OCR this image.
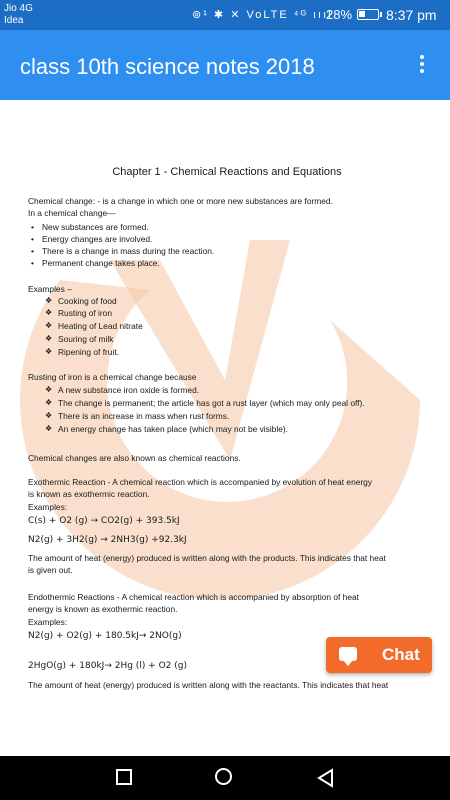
Jio 4G
Idea	⊚¹ ✱ ✕ VoLTE ⁴ᴳ ıııl
28% 8:37 pm
class 10th science notes 2018
Chapter 1 - Chemical Reactions and Equations
Chemical change: - is a change in which one or more new substances are formed.
In a chemical change—
• New substances are formed.
• Energy changes are involved.
• There is a change in mass during the reaction.
• Permanent change takes place.
Examples –
❖ Cooking of food
❖ Rusting of iron
❖ Heating of Lead nitrate
❖ Souring of milk
❖ Ripening of fruit.
Rusting of iron is a chemical change because
❖ A new substance iron oxide is formed.
❖ The change is permanent; the article has got a rust layer (which may only peal off).
❖ There is an increase in mass when rust forms.
❖ An energy change has taken place (which may not be visible).
Chemical changes are also known as chemical reactions.
Exothermic Reaction - A chemical reaction which is accompanied by evolution of heat energy
is known as exothermic reaction.
Examples:
C(s) + O2 (g) → CO2(g) + 393.5kJ
N2(g) + 3H2(g) → 2NH3(g) +92.3kJ
The amount of heat (energy) produced is written along with the products. This indicates that heat
is given out.
Endothermic Reactions - A chemical reaction which is accompanied by absorption of heat
energy is known as exothermic reaction.
Examples:
N2(g) + O2(g) + 180.5kJ→ 2NO(g)
2HgO(g) + 180kJ→ 2Hg (l) + O2 (g)
The amount of heat (energy) produced is written along with the reactants. This indicates that heat
Chat
